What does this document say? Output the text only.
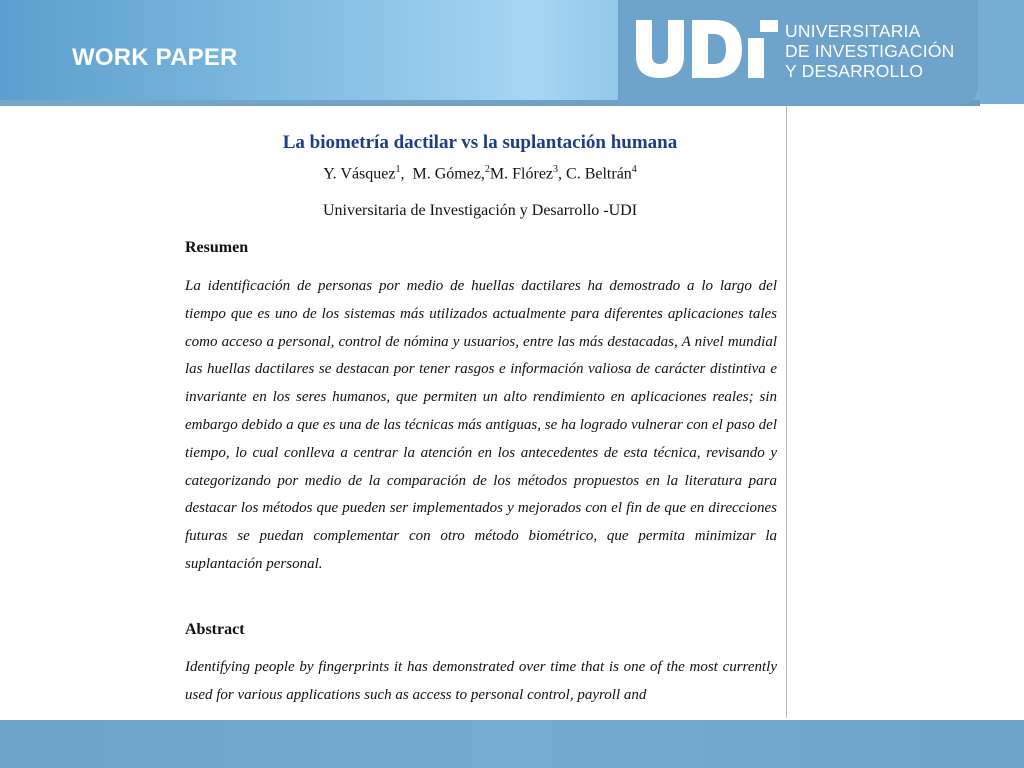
WORK PAPER
UNIVERSITARIA
DE INVESTIGACIÓN
Y DESARROLLO
La biometría dactilar vs la suplantación humana
Y. Vásquez$^1$, M. Gómez,$^2$M. Flórez$^3$, C. Beltrán$^4$
Universitaria de Investigación y Desarrollo -UDI
Resumen

La identificación de personas por medio de huellas dactilares ha demostrado a lo largo del tiempo que es uno de los sistemas más utilizados actualmente para diferentes aplicaciones tales como acceso a personal, control de nómina y usuarios, entre las más destacadas, A nivel mundial las huellas dactilares se destacan por tener rasgos e información valiosa de carácter distintiva e invariante en los seres humanos, que permiten un alto rendimiento en aplicaciones reales; sin embargo debido a que es una de las técnicas más antiguas, se ha logrado vulnerar con el paso del tiempo, lo cual conlleva a centrar la atención en los antecedentes de esta técnica, revisando y categorizando por medio de la comparación de los métodos propuestos en la literatura para destacar los métodos que pueden ser implementados y mejorados con el fin de que en direcciones futuras se puedan complementar con otro método biométrico, que permita minimizar la suplantación personal.

Abstract

Identifying people by fingerprints it has demonstrated over time that is one of the most currently used for various applications such as access to personal control, payroll and
